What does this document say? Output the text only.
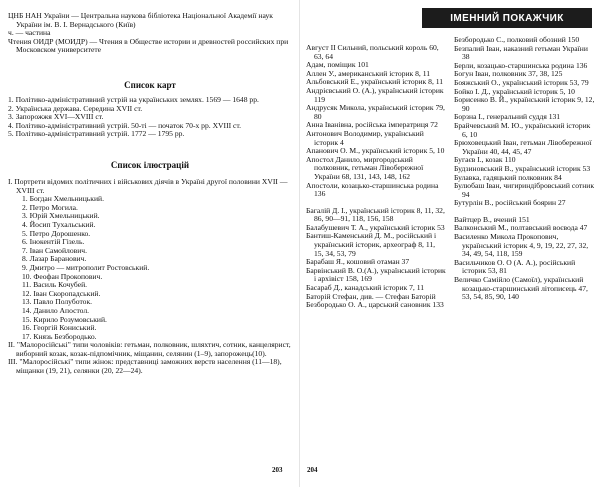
ЦНБ НАН України — Центральна наукова бібліотека Національної Академії наук України ім. В. І. Вернадського (Київ)

ч. — частина

Чтения ОИДР (МОИДР) — Чтения в Обществе истории и древностей российских при Московском университете

Список карт

1. Політико-адміністративний устрій на українських землях. 1569 — 1648 рр.

2. Українська держава. Середина XVII ст.

3. Запорожжя XVI—XVIII ст.

4. Політико-адміністративний устрій. 50-ті — початок 70-х рр. XVIII ст.

5. Політико-адміністративний устрій. 1772 — 1795 рр.

Список ілюстрацій

I. Портрети відомих політичних і військових діячів в Україні другої половини XVII — XVIII ст.

1. Богдан Хмельницький.

2. Петро Могила.

3. Юрій Хмельницький.

4. Йосип Тухальський.

5. Петро Дорошенко.

6. Інокентій Гізель.

7. Іван Самойлович.

8. Лазар Баранович.

9. Дмитро — митрополит Ростовський.

10. Феофан Прокопович.

11. Василь Кочубей.

12. Іван Скоропадський.

13. Павло Полуботок.

14. Данило Апостол.

15. Кирило Розумовський.

16. Георгій Кониський.

17. Князь Безбородько.

II. "Малоросійські" типи чоловіків: гетьман, полковник, шляхтич, сотник, канцелярист, виборний козак, козак-підпомічник, міщанин, селянин (1–9), запорожець(10).

III. "Малоросійські" типи жінок: представниці заможних верств населення (11—18), міщанки (19, 21), селянки (20, 22—24).

203
ІМЕННИЙ ПОКАЖЧИК

Август II Сильний, польський король 60, 63, 64

Адам, поміщик 101

Аллен У., американський історик 8, 11

Альбовський Е., український історик 8, 11

Андрієвський О. (А.), український історик 119

Андрусяк Микола, український історик 79, 80

Анна Іванівна, російська імператриця 72

Антонович Володимир, український історик 4

Апанович О. М., український історик 5, 10

Апостол Данило, миргородський полковник, гетьман Лівобережної України 68, 131, 143, 148, 162

Апостоли, козацько-старшинська родина 136

Багалій Д. І., український історик 8, 11, 32, 86, 90—91, 118, 156, 158

Балабушевич Т. А., український історик 53

Бантиш-Каменський Д. М., російський і український історик, археограф 8, 11, 15, 34, 53, 79

Барабаш Я., кошовий отаман 37

Барвінський В. О.(А.), український історик і архівіст 158, 169

Басараб Д., канадський історик 7, 11

Баторій Стефан, див. — Стефан Баторій

Безбородько О. А., царський сановник 133

Безбородько С., полковий обозний 150

Безпалий Іван, наказний гетьман України 38

Берли, козацько-старшинська родина 136

Богун Іван, полковник 37, 38, 125

Бояжський О., український історик 53, 79

Бойко І. Д., український історик 5, 10

Борисенко В. Й., український історик 9, 12, 90

Борзна І., генеральний суддя 131

Брайчевський М. Ю., український історик 6, 10

Брюховецький Іван, гетьман Лівобережної України 40, 44, 45, 47

Бугаєв І., козак 110

Будзиновський В., український історик 53

Булавка, гадяцький полковник 84

Булюбаш Іван, чигириндібровський сотник 94

Бутурлін В., російський боярин 27

Вайтцер В., вчений 151

Валконський М., полтавський воєвода 47

Василенко Микола Прокопович, український історик 4, 9, 19, 22, 27, 32, 34, 49, 54, 118, 159

Васильчиков О. О (А. А.), російський історик 53, 81

Величко Самійло (Самоїл), український козацько-старшинський літописець 47, 53, 54, 85, 90, 140

204
